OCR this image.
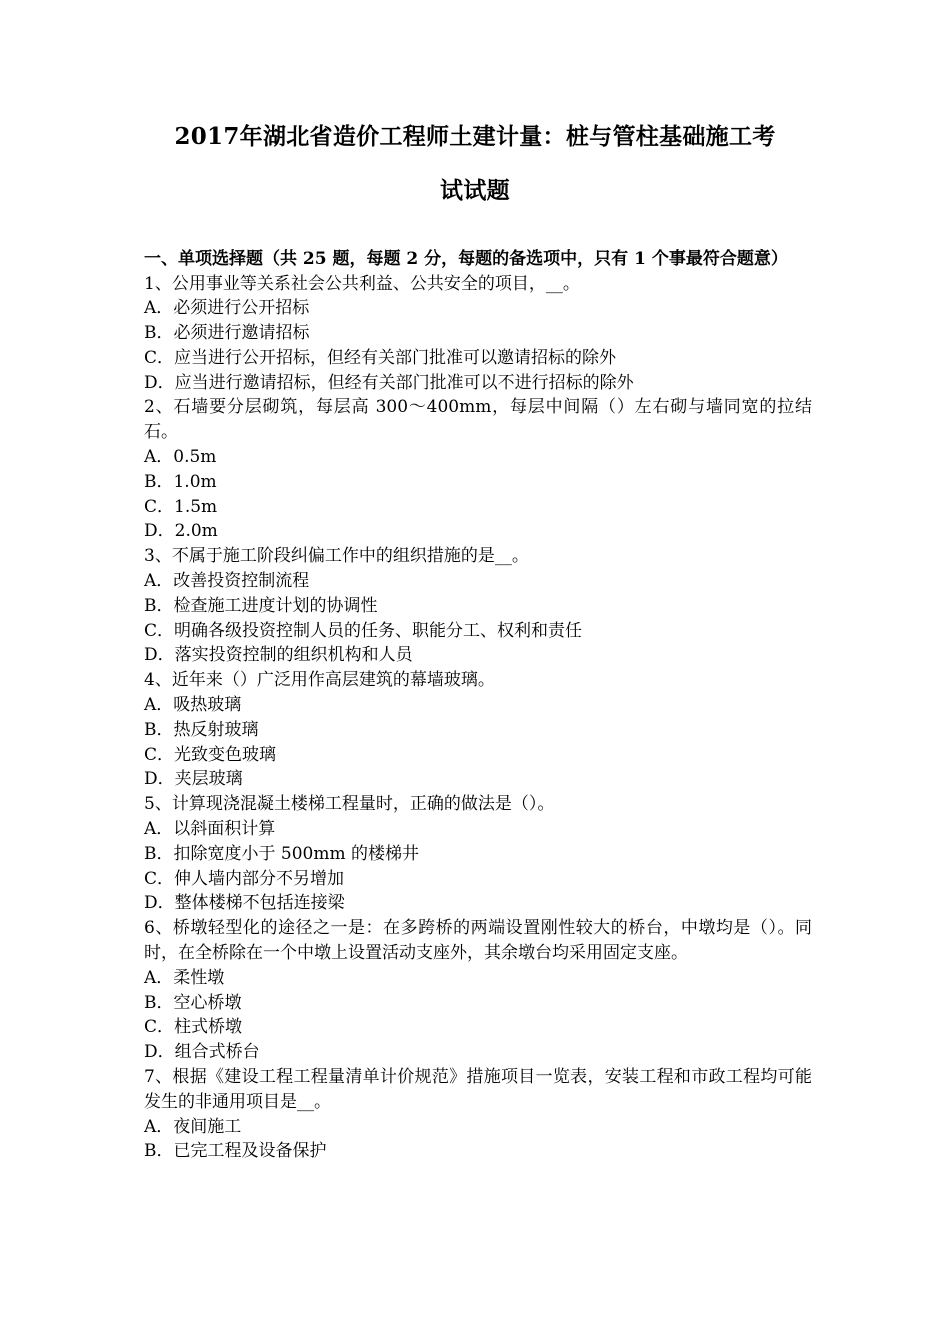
2017年湖北省造价工程师土建计量：桩与管柱基础施工考
试试题
一、单项选择题（共 25 题，每题 2 分，每题的备选项中，只有 1 个事最符合题意）
1、公用事业等关系社会公共利益、公共安全的项目，__。
A．必须进行公开招标
B．必须进行邀请招标
C．应当进行公开招标，但经有关部门批准可以邀请招标的除外
D．应当进行邀请招标，但经有关部门批准可以不进行招标的除外
2、石墙要分层砌筑，每层高 300～400mm，每层中间隔（）左右砌与墙同宽的拉结石。
A．0.5m
B．1.0m
C．1.5m
D．2.0m
3、不属于施工阶段纠偏工作中的组织措施的是__。
A．改善投资控制流程
B．检查施工进度计划的协调性
C．明确各级投资控制人员的任务、职能分工、权利和责任
D．落实投资控制的组织机构和人员
4、近年来（）广泛用作高层建筑的幕墙玻璃。
A．吸热玻璃
B．热反射玻璃
C．光致变色玻璃
D．夹层玻璃
5、计算现浇混凝土楼梯工程量时，正确的做法是（）。
A．以斜面积计算
B．扣除宽度小于 500mm 的楼梯井
C．伸人墙内部分不另增加
D．整体楼梯不包括连接梁
6、桥墩轻型化的途径之一是：在多跨桥的两端设置刚性较大的桥台，中墩均是（）。同时，在全桥除在一个中墩上设置活动支座外，其余墩台均采用固定支座。
A．柔性墩
B．空心桥墩
C．柱式桥墩
D．组合式桥台
7、根据《建设工程工程量清单计价规范》措施项目一览表，安装工程和市政工程均可能发生的非通用项目是__。
A．夜间施工
B．已完工程及设备保护
